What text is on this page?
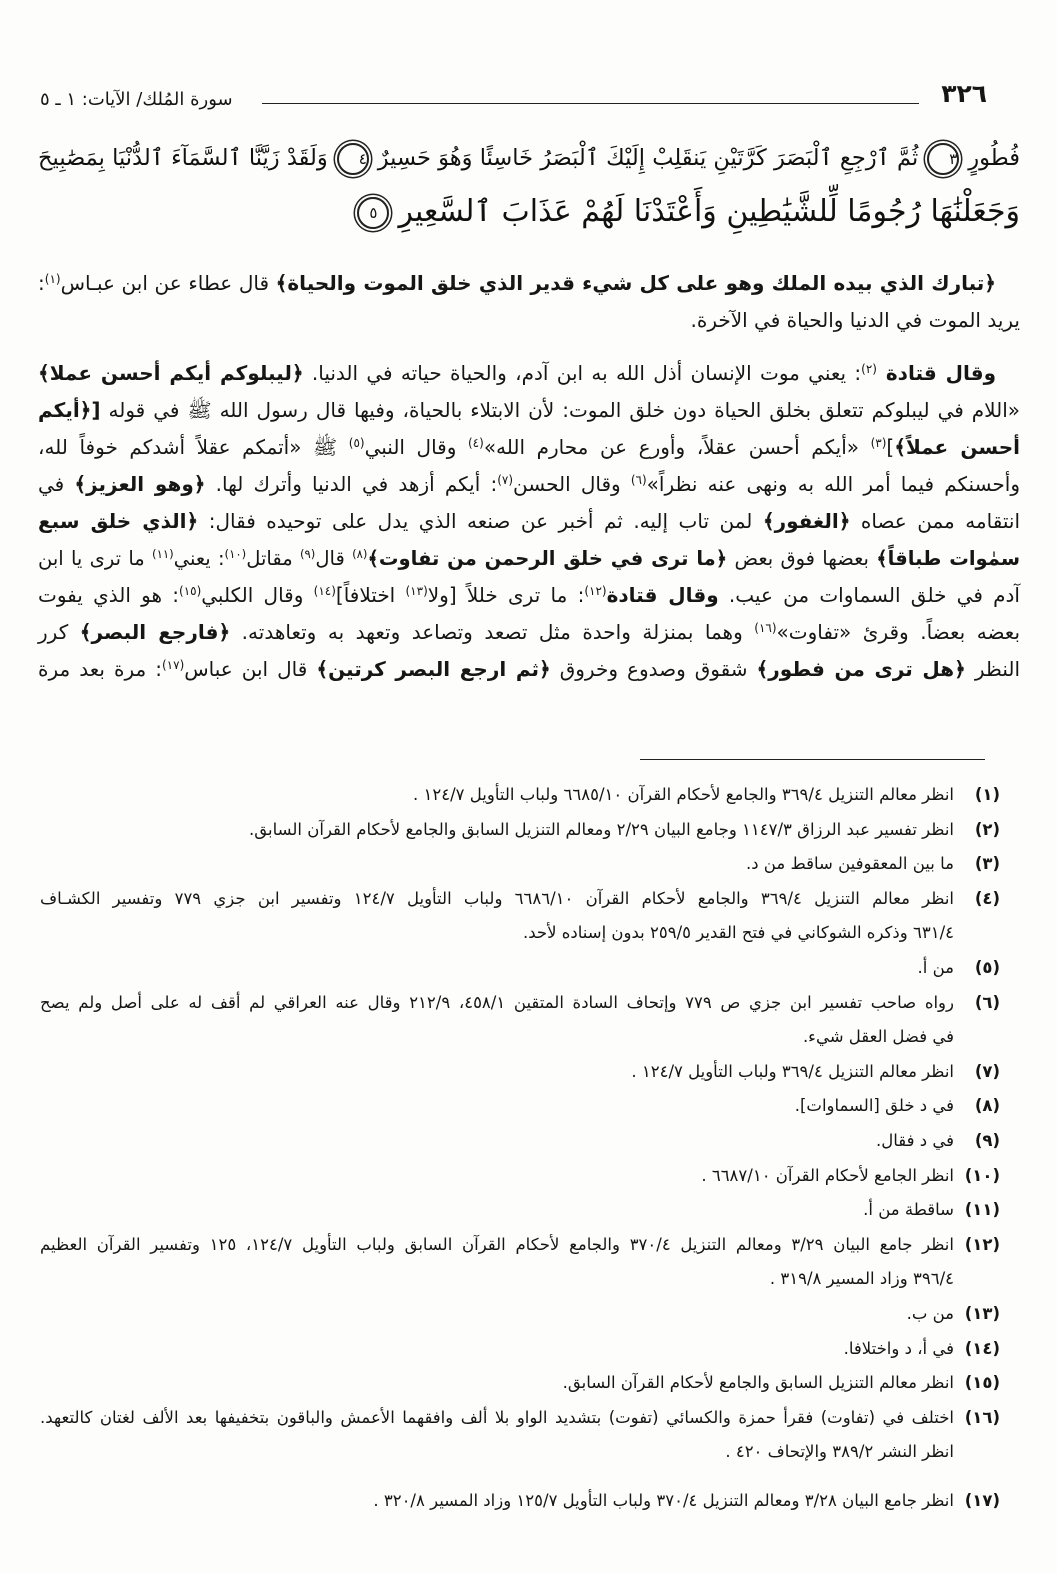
٣٢٦
سورة المُلك/ الآيات: ١ ـ ٥
فُطُورٍ٣ثُمَّ ٱرْجِعِ ٱلْبَصَرَ كَرَّتَيْنِ يَنقَلِبْ إِلَيْكَ ٱلْبَصَرُ خَاسِئًا وَهُوَ حَسِيرٌ٤وَلَقَدْ زَيَّنَّا ٱلسَّمَآءَ ٱلدُّنْيَا بِمَصَٰبِيحَ
وَجَعَلْنَٰهَا رُجُومًا لِّلشَّيَٰطِينِ وَأَعْتَدْنَا لَهُمْ عَذَابَ ٱلسَّعِيرِ٥
﴿تبارك الذي بيده الملك وهو على كل شيء قدير الذي خلق الموت والحياة﴾ قال عطاء عن ابن عبـاس$^{(١)}$:
يريد الموت في الدنيا والحياة في الآخرة.
وقال قتادة $^{(٢)}$: يعني موت الإنسان أذل الله به ابن آدم، والحياة حياته في الدنيا. ﴿ليبلوكم أيكم أحسن عملا﴾
«اللام في ليبلوكم تتعلق بخلق الحياة دون خلق الموت: لأن الابتلاء بالحياة، وفيها قال رسول الله ﷺ في قوله [﴿أيكم
أحسن عملاً﴾]$^{(٣)}$ «أيكم أحسن عقلاً، وأورع عن محارم الله»$^{(٤)}$ وقال النبي$^{(٥)}$ ﷺ «أتمكم عقلاً أشدكم خوفاً لله،
وأحسنكم فيما أمر الله به ونهى عنه نظراً»$^{(٦)}$ وقال الحسن$^{(٧)}$: أيكم أزهد في الدنيا وأترك لها. ﴿وهو العزيز﴾ في
انتقامه ممن عصاه ﴿الغفور﴾ لمن تاب إليه. ثم أخبر عن صنعه الذي يدل على توحيده فقال: ﴿الذي خلق سبع
سمٰوات طباقاً﴾ بعضها فوق بعض ﴿ما ترى في خلق الرحمن من تفاوت﴾$^{(٨)}$ قال$^{(٩)}$ مقاتل$^{(١٠)}$: يعني$^{(١١)}$ ما ترى يا ابن
آدم في خلق السماوات من عيب. وقال قتادة$^{(١٢)}$: ما ترى خللاً [ولا$^{(١٣)}$ اختلافاً]$^{(١٤)}$ وقال الكلبي$^{(١٥)}$: هو الذي يفوت
بعضه بعضاً. وقرئ «تفاوت»$^{(١٦)}$ وهما بمنزلة واحدة مثل تصعد وتصاعد وتعهد به وتعاهدته. ﴿فارجع البصر﴾ كرر
النظر ﴿هل ترى من فطور﴾ شقوق وصدوع وخروق ﴿ثم ارجع البصر كرتين﴾ قال ابن عباس$^{(١٧)}$: مرة بعد مرة
(١)
انظر معالم التنزيل ٣٦٩/٤ والجامع لأحكام القرآن ٦٦٨٥/١٠ ولباب التأويل ١٢٤/٧ .
(٢)
انظر تفسير عبد الرزاق ١١٤٧/٣ وجامع البيان ٢/٢٩ ومعالم التنزيل السابق والجامع لأحكام القرآن السابق.
(٣)
ما بين المعقوفين ساقط من د.
(٤)
انظر معالم التنزيل ٣٦٩/٤ والجامع لأحكام القرآن ٦٦٨٦/١٠ ولباب التأويل ١٢٤/٧ وتفسير ابن جزي ٧٧٩ وتفسير الكشـاف
٦٣١/٤ وذكره الشوكاني في فتح القدير ٢٥٩/٥ بدون إسناده لأحد.
(٥)
من أ.
(٦)
رواه صاحب تفسير ابن جزي ص ٧٧٩ وإتحاف السادة المتقين ٤٥٨/١، ٢١٢/٩ وقال عنه العراقي لم أقف له على أصل ولم يصح
في فضل العقل شيء.
(٧)
انظر معالم التنزيل ٣٦٩/٤ ولباب التأويل ١٢٤/٧ .
(٨)
في د خلق [السماوات].
(٩)
في د فقال.
(١٠)
انظر الجامع لأحكام القرآن ٦٦٨٧/١٠ .
(١١)
ساقطة من أ.
(١٢)
انظر جامع البيان ٣/٢٩ ومعالم التنزيل ٣٧٠/٤ والجامع لأحكام القرآن السابق ولباب التأويل ١٢٤/٧، ١٢٥ وتفسير القرآن العظيم
٣٩٦/٤ وزاد المسير ٣١٩/٨ .
(١٣)
من ب.
(١٤)
في أ، د واختلافا.
(١٥)
انظر معالم التنزيل السابق والجامع لأحكام القرآن السابق.
(١٦)
اختلف في (تفاوت) فقرأ حمزة والكسائي (تفوت) بتشديد الواو بلا ألف وافقهما الأعمش والباقون بتخفيفها بعد الألف لغتان كالتعهد.
انظر النشر ٣٨٩/٢ والإتحاف ٤٢٠ .
(١٧)
انظر جامع البيان ٣/٢٨ ومعالم التنزيل ٣٧٠/٤ ولباب التأويل ١٢٥/٧ وزاد المسير ٣٢٠/٨ .
